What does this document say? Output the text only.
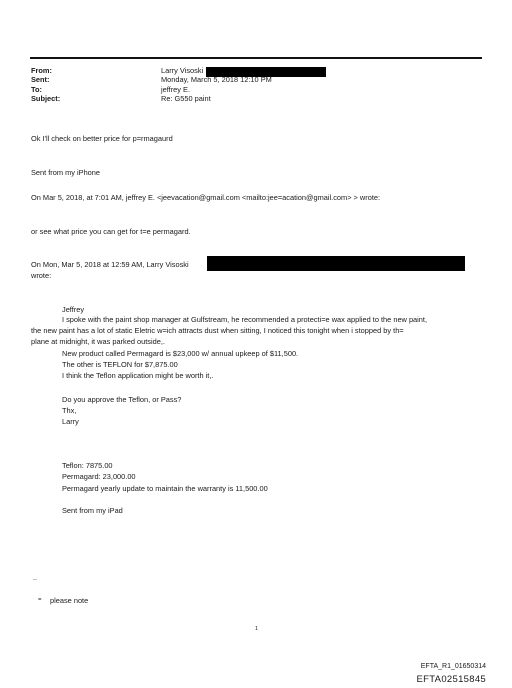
From:	Larry Visoski
Sent:	Monday, March 5, 2018 12:10 PM
To:	jeffrey E.
Subject:	Re: G550 paint
Ok I'll check on better price for p=rmagaurd
Sent from my iPhone
On Mar 5, 2018, at 7:01 AM, jeffrey E. <jeevacation@gmail.com <mailto:jee=acation@gmail.com> > wrote:
or see what price you can get for t=e permagard.
On Mon, Mar 5, 2018 at 12:59 AM, Larry Visoski
wrote:
Jeffrey
I spoke with the paint shop manager at Gulfstream, he recommended a protecti=e wax applied to the new paint,
the new paint has a lot of static Eletric w=ich attracts dust when sitting, I noticed this tonight when i stopped by th=
plane at midnight, it was parked outside,.
New product called Permagard is $23,000 w/ annual upkeep of $11,500.
The other is TEFLON for $7,875.00
I think the Teflon application might be worth it,.
Do you approve the Teflon, or Pass?
Thx,
Larry
Teflon: 7875.00
Permagard: 23,000.00
Permagard yearly update to maintain the warranty is 11,500.00
Sent from my iPad
..
= please note
1
EFTA_R1_01650314
EFTA02515845
